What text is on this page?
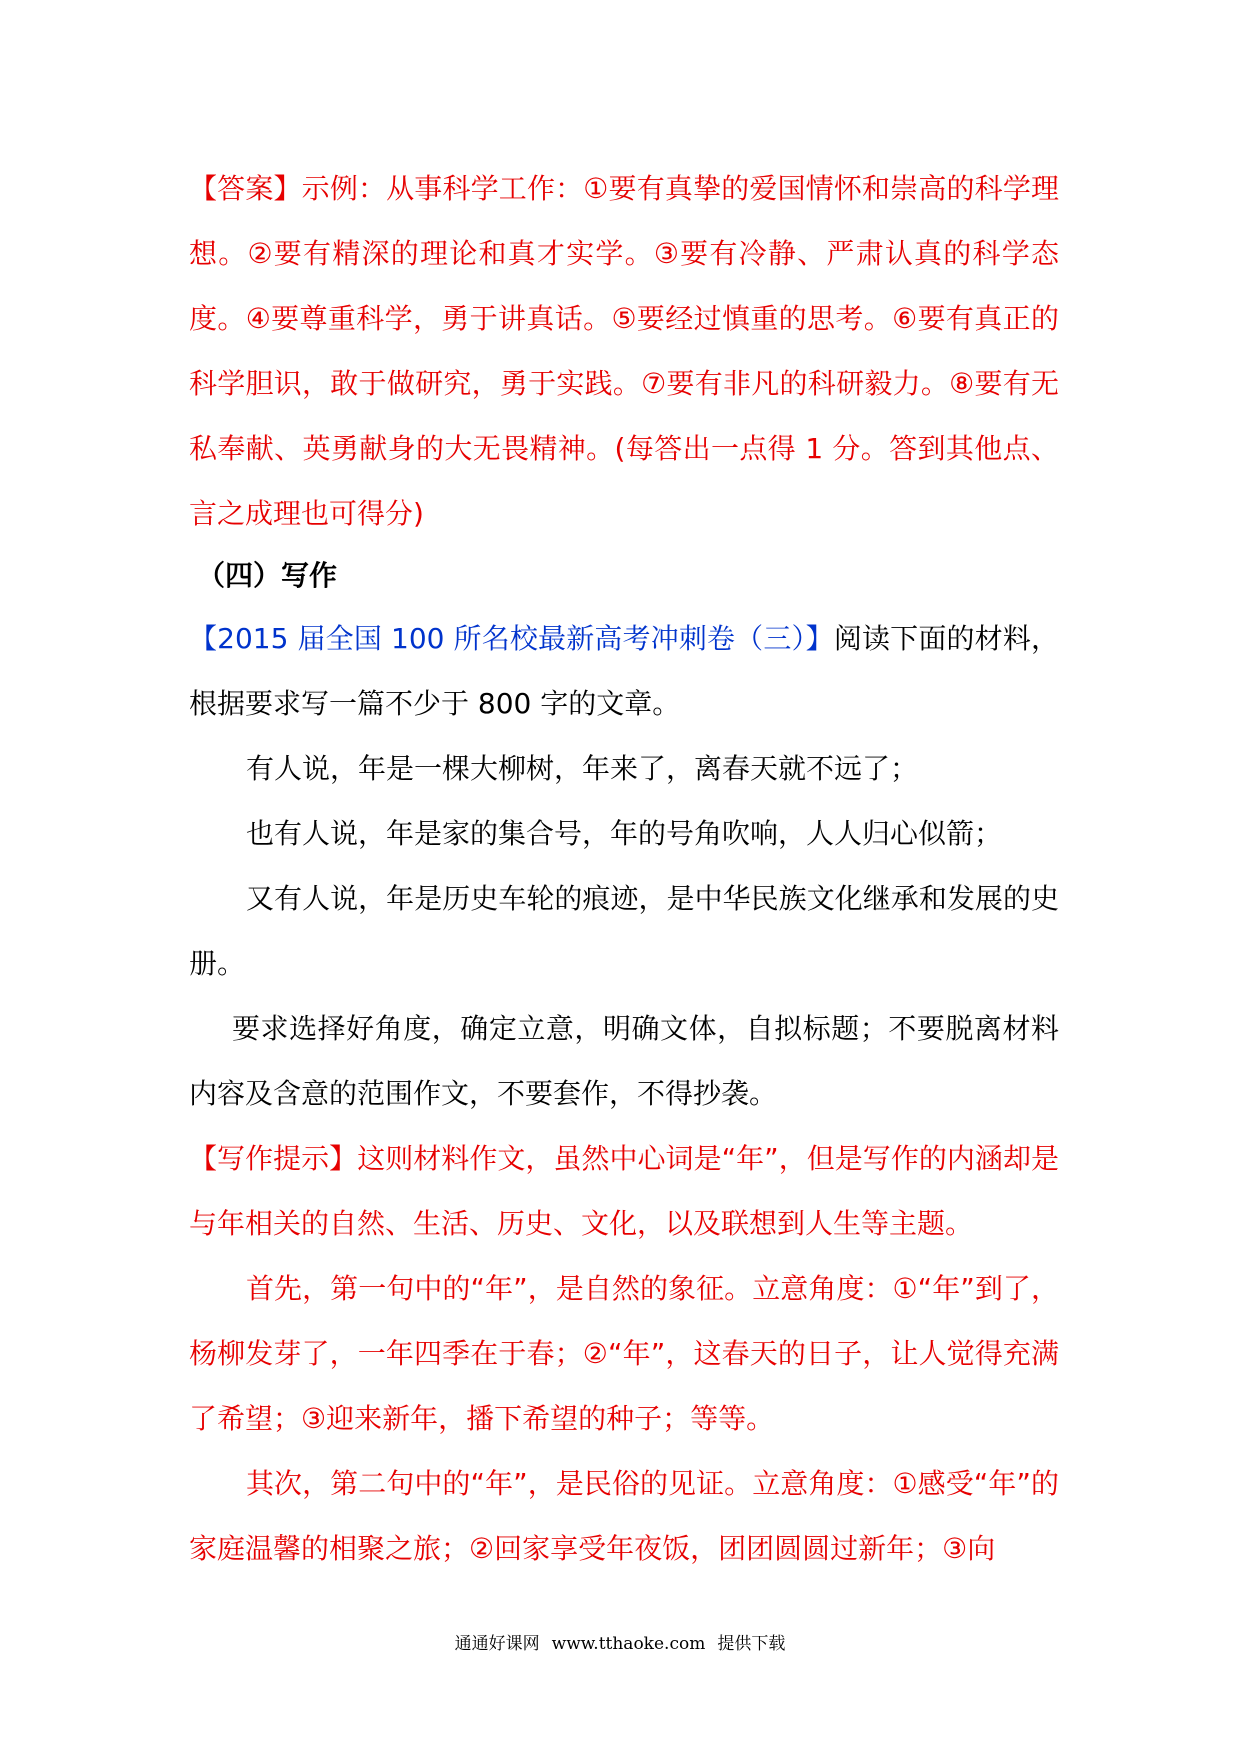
【答案】示例：从事科学工作：①要有真挚的爱国情怀和崇高的科学理想。②要有精深的理论和真才实学。③要有冷静、严肃认真的科学态度。④要尊重科学，勇于讲真话。⑤要经过慎重的思考。⑥要有真正的科学胆识，敢于做研究，勇于实践。⑦要有非凡的科研毅力。⑧要有无私奉献、英勇献身的大无畏精神。(每答出一点得 1 分。答到其他点、言之成理也可得分)

（四）写作

【2015 届全国 100 所名校最新高考冲刺卷（三）】阅读下面的材料，根据要求写一篇不少于 800 字的文章。

有人说，年是一棵大柳树，年来了，离春天就不远了；

也有人说，年是家的集合号，年的号角吹响，人人归心似箭；

又有人说，年是历史车轮的痕迹，是中华民族文化继承和发展的史册。

要求选择好角度，确定立意，明确文体，自拟标题；不要脱离材料内容及含意的范围作文，不要套作，不得抄袭。

【写作提示】这则材料作文，虽然中心词是“年”，但是写作的内涵却是与年相关的自然、生活、历史、文化，以及联想到人生等主题。

首先，第一句中的“年”，是自然的象征。立意角度：①“年”到了，杨柳发芽了，一年四季在于春；②“年”，这春天的日子，让人觉得充满了希望；③迎来新年，播下希望的种子；等等。

其次，第二句中的“年”，是民俗的见证。立意角度：①感受“年”的家庭温馨的相聚之旅；②回家享受年夜饭，团团圆圆过新年；③向

通通好课网 www.tthaoke.com 提供下载
